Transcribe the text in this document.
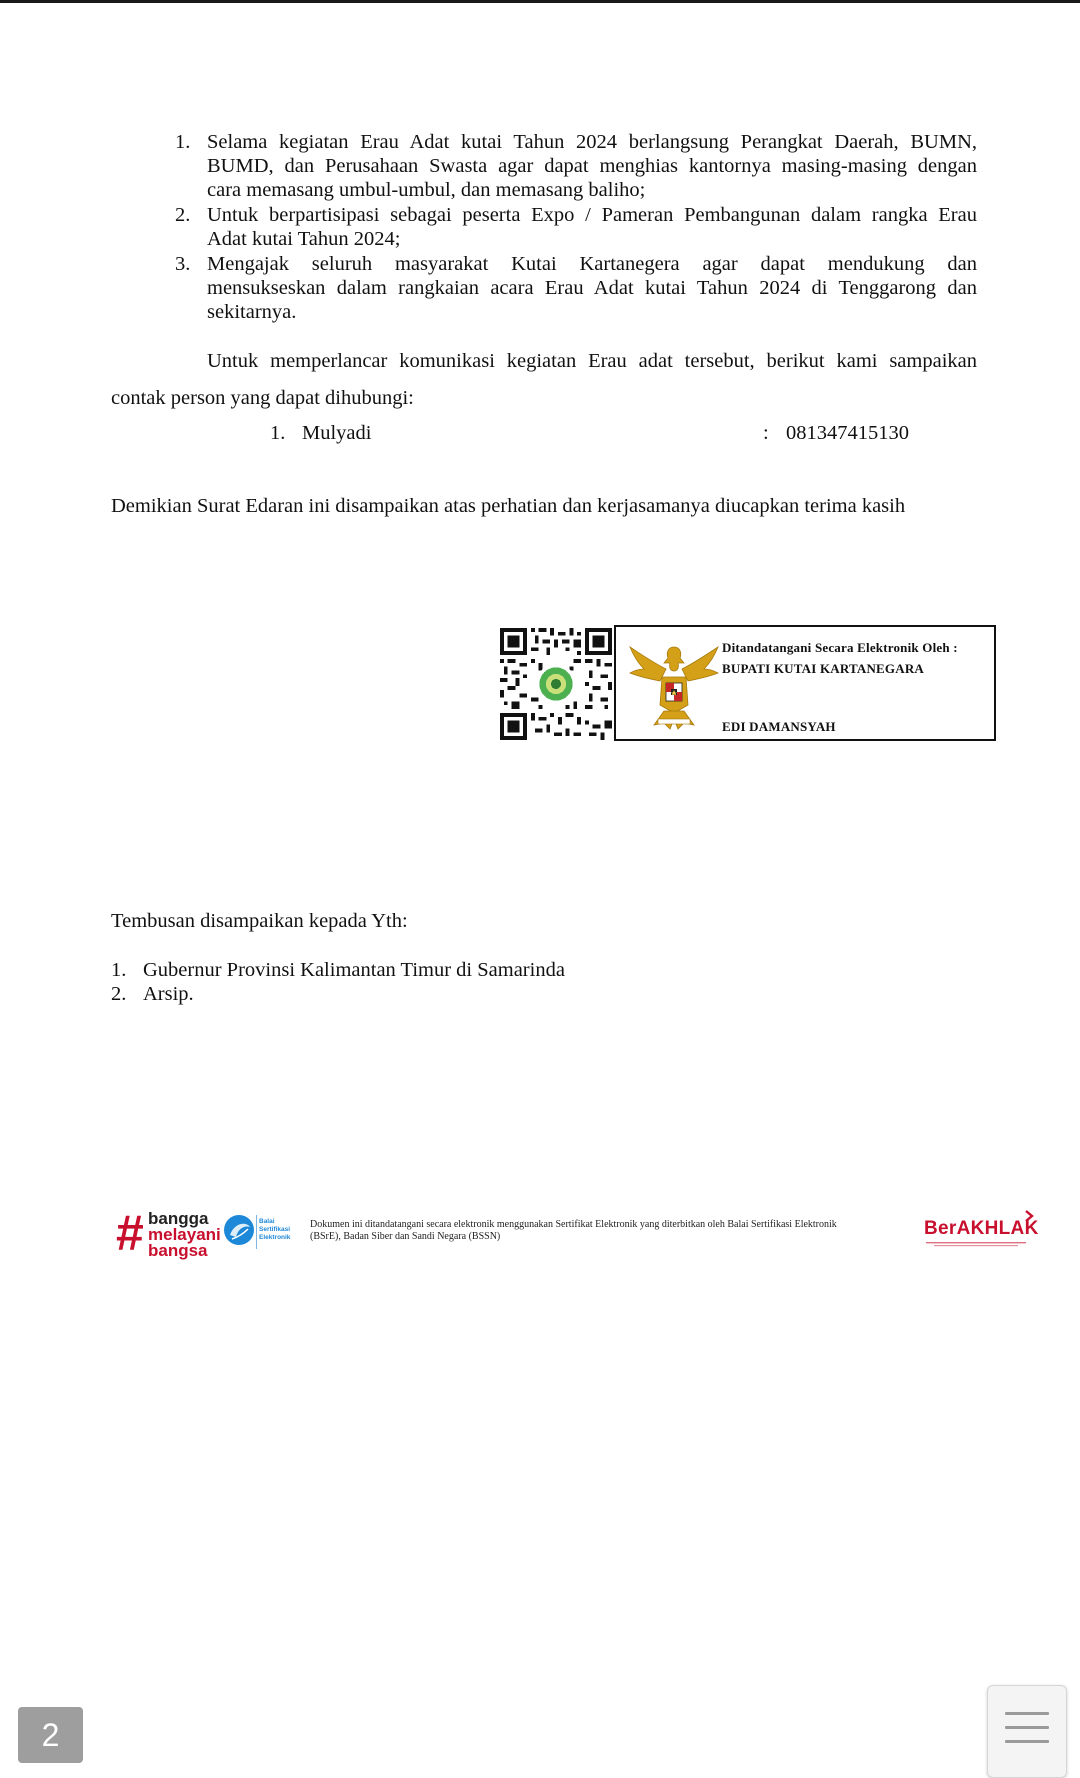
1. Selama kegiatan Erau Adat kutai Tahun 2024 berlangsung Perangkat Daerah, BUMN,
BUMD, dan Perusahaan Swasta agar dapat menghias kantornya masing-masing dengan
cara memasang umbul-umbul, dan memasang baliho;
2. Untuk berpartisipasi sebagai peserta Expo / Pameran Pembangunan dalam rangka Erau
Adat kutai Tahun 2024;
3. Mengajak seluruh masyarakat Kutai Kartanegera agar dapat mendukung dan
mensukseskan dalam rangkaian acara Erau Adat kutai Tahun 2024 di Tenggarong dan
sekitarnya.
Untuk memperlancar komunikasi kegiatan Erau adat tersebut, berikut kami sampaikan
contak person yang dapat dihubungi:
1. Mulyadi	: 081347415130
Demikian Surat Edaran ini disampaikan atas perhatian dan kerjasamanya diucapkan terima kasih
Ditandatangani Secara Elektronik Oleh :
BUPATI KUTAI KARTANEGARA
EDI DAMANSYAH
Tembusan disampaikan kepada Yth:
1. Gubernur Provinsi Kalimantan Timur di Samarinda
2. Arsip.
# bangga
melayani
bangsa
Balai
Sertifikasi
Elektronik
Dokumen ini ditandatangani secara elektronik menggunakan Sertifikat Elektronik yang diterbitkan oleh Balai Sertifikasi Elektronik
(BSrE), Badan Siber dan Sandi Negara (BSSN)	BerAKHLAK
2
